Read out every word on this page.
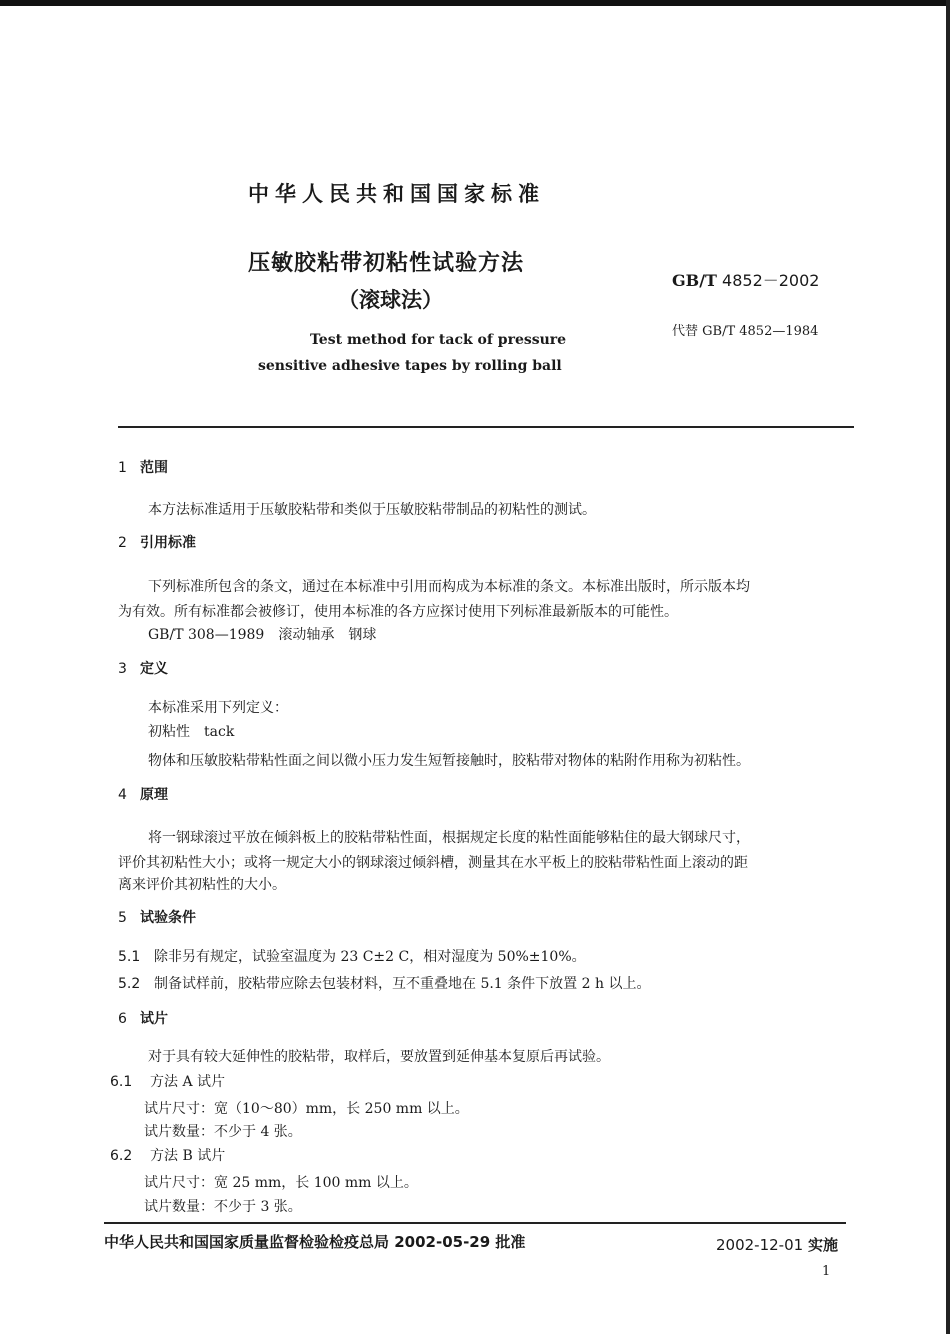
中华人民共和国国家标准
压敏胶粘带初粘性试验方法
（滚球法）
Test method for tack of pressure
sensitive adhesive tapes by rolling ball
GB/T 4852－2002
代替 GB/T 4852—1984
1 范围
本方法标准适用于压敏胶粘带和类似于压敏胶粘带制品的初粘性的测试。
2 引用标准
下列标准所包含的条文，通过在本标准中引用而构成为本标准的条文。本标准出版时，所示版本均
为有效。所有标准都会被修订，使用本标准的各方应探讨使用下列标准最新版本的可能性。
GB/T 308—1989　滚动轴承　钢球
3 定义
本标准采用下列定义：
初粘性　tack
物体和压敏胶粘带粘性面之间以微小压力发生短暂接触时，胶粘带对物体的粘附作用称为初粘性。
4 原理
将一钢球滚过平放在倾斜板上的胶粘带粘性面，根据规定长度的粘性面能够粘住的最大钢球尺寸，
评价其初粘性大小；或将一规定大小的钢球滚过倾斜槽，测量其在水平板上的胶粘带粘性面上滚动的距
离来评价其初粘性的大小。
5 试验条件
5.1 除非另有规定，试验室温度为 23 C±2 C，相对湿度为 50%±10%。
5.2 制备试样前，胶粘带应除去包装材料，互不重叠地在 5.1 条件下放置 2 h 以上。
6 试片
对于具有较大延伸性的胶粘带，取样后，要放置到延伸基本复原后再试验。
6.1 方法 A 试片
试片尺寸：宽（10～80）mm，长 250 mm 以上。
试片数量：不少于 4 张。
6.2 方法 B 试片
试片尺寸：宽 25 mm，长 100 mm 以上。
试片数量：不少于 3 张。
中华人民共和国国家质量监督检验检疫总局 2002-05-29 批准	2002-12-01 实施
1
